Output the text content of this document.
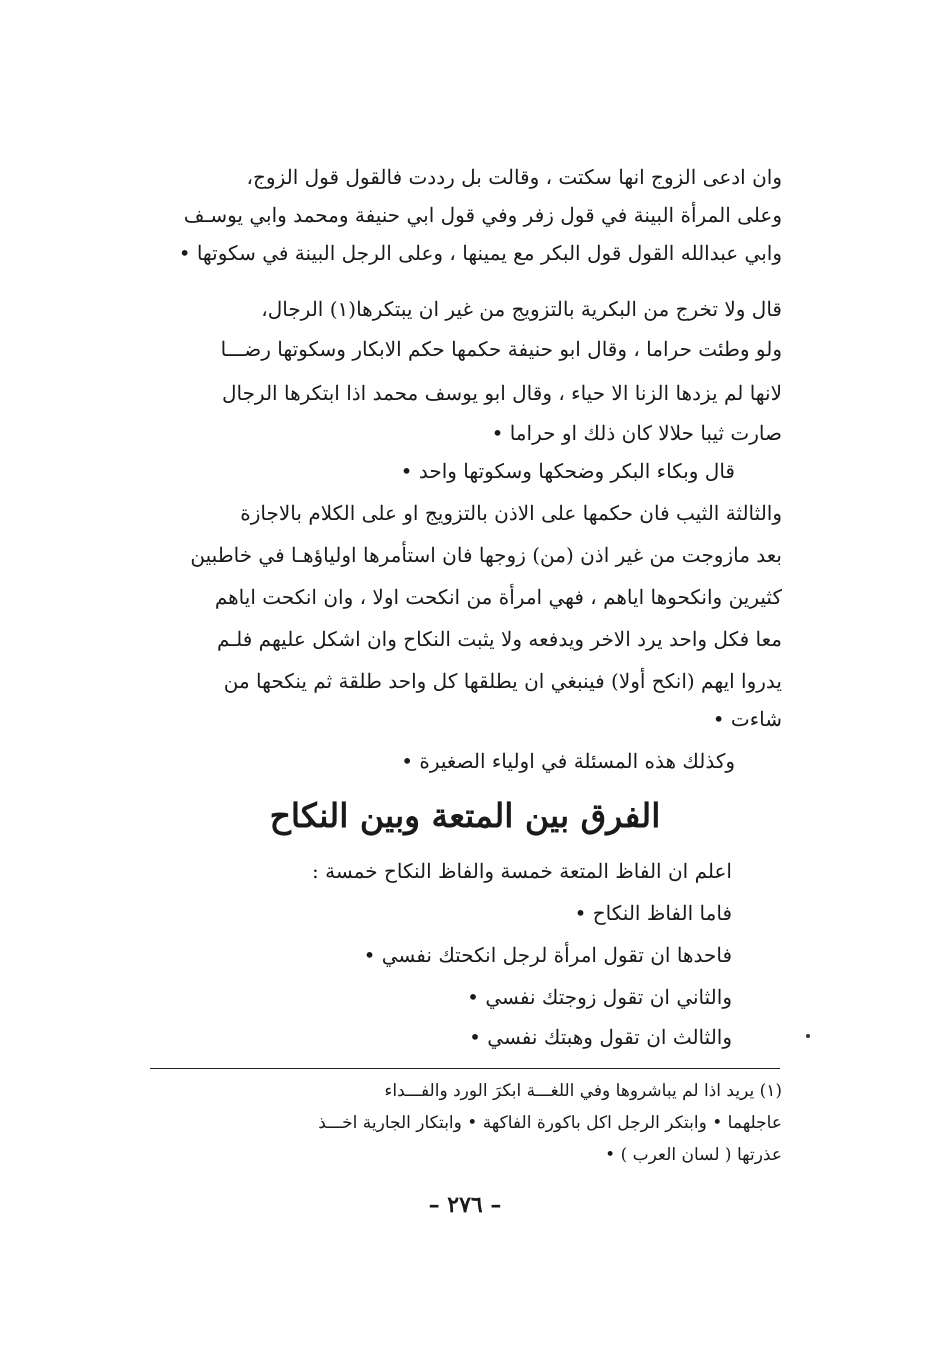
وان ادعى الزوج انها سكتت ، وقالت بل رددت فالقول قول الزوج،
وعلى المرأة البينة في قول زفر وفي قول ابي حنيفة ومحمد وابي يوسـف
وابي عبدالله القول قول البكر مع يمينها ، وعلى الرجل البينة في سكوتها •
قال ولا تخرج من البكرية بالتزويج من غير ان يبتكرها(١) الرجال،
ولو وطئت حراما ، وقال ابو حنيفة حكمها حكم الابكار وسكوتها رضـــا
لانها لم يزدها الزنا الا حياء ، وقال ابو يوسف محمد اذا ابتكرها الرجال
صارت ثيبا حلالا كان ذلك او حراما •
قال وبكاء البكر وضحكها وسكوتها واحد •
والثالثة الثيب فان حكمها على الاذن بالتزويج او على الكلام بالاجازة
بعد مازوجت من غير اذن (من) زوجها فان استأمرها اولياؤهـا في خاطبين
كثيرين وانكحوها اياهم ، فهي امرأة من انكحت اولا ، وان انكحت اياهم
معا فكل واحد يرد الاخر ويدفعه ولا يثبت النكاح وان اشكل عليهم فلـم
يدروا ايهم (انكح أولا) فينبغي ان يطلقها كل واحد طلقة ثم ينكحها من
شاءت •
وكذلك هذه المسئلة في اولياء الصغيرة •
الفرق بين المتعة وبين النكاح
اعلم ان الفاظ المتعة خمسة والفاظ النكاح خمسة :
فاما الفاظ النكاح •
فاحدها ان تقول امرأة لرجل انكحتك نفسي •
والثاني ان تقول زوجتك نفسي •
والثالث ان تقول وهبتك نفسي •
(١) يريد اذا لم يباشروها وفي اللغـــة ابكرَ الورد والفـــداء
عاجلهما • وابتكر الرجل اكل باكورة الفاكهة • وابتكار الجارية اخـــذ
عذرتها ( لسان العرب ) •
– ٢٧٦ –
